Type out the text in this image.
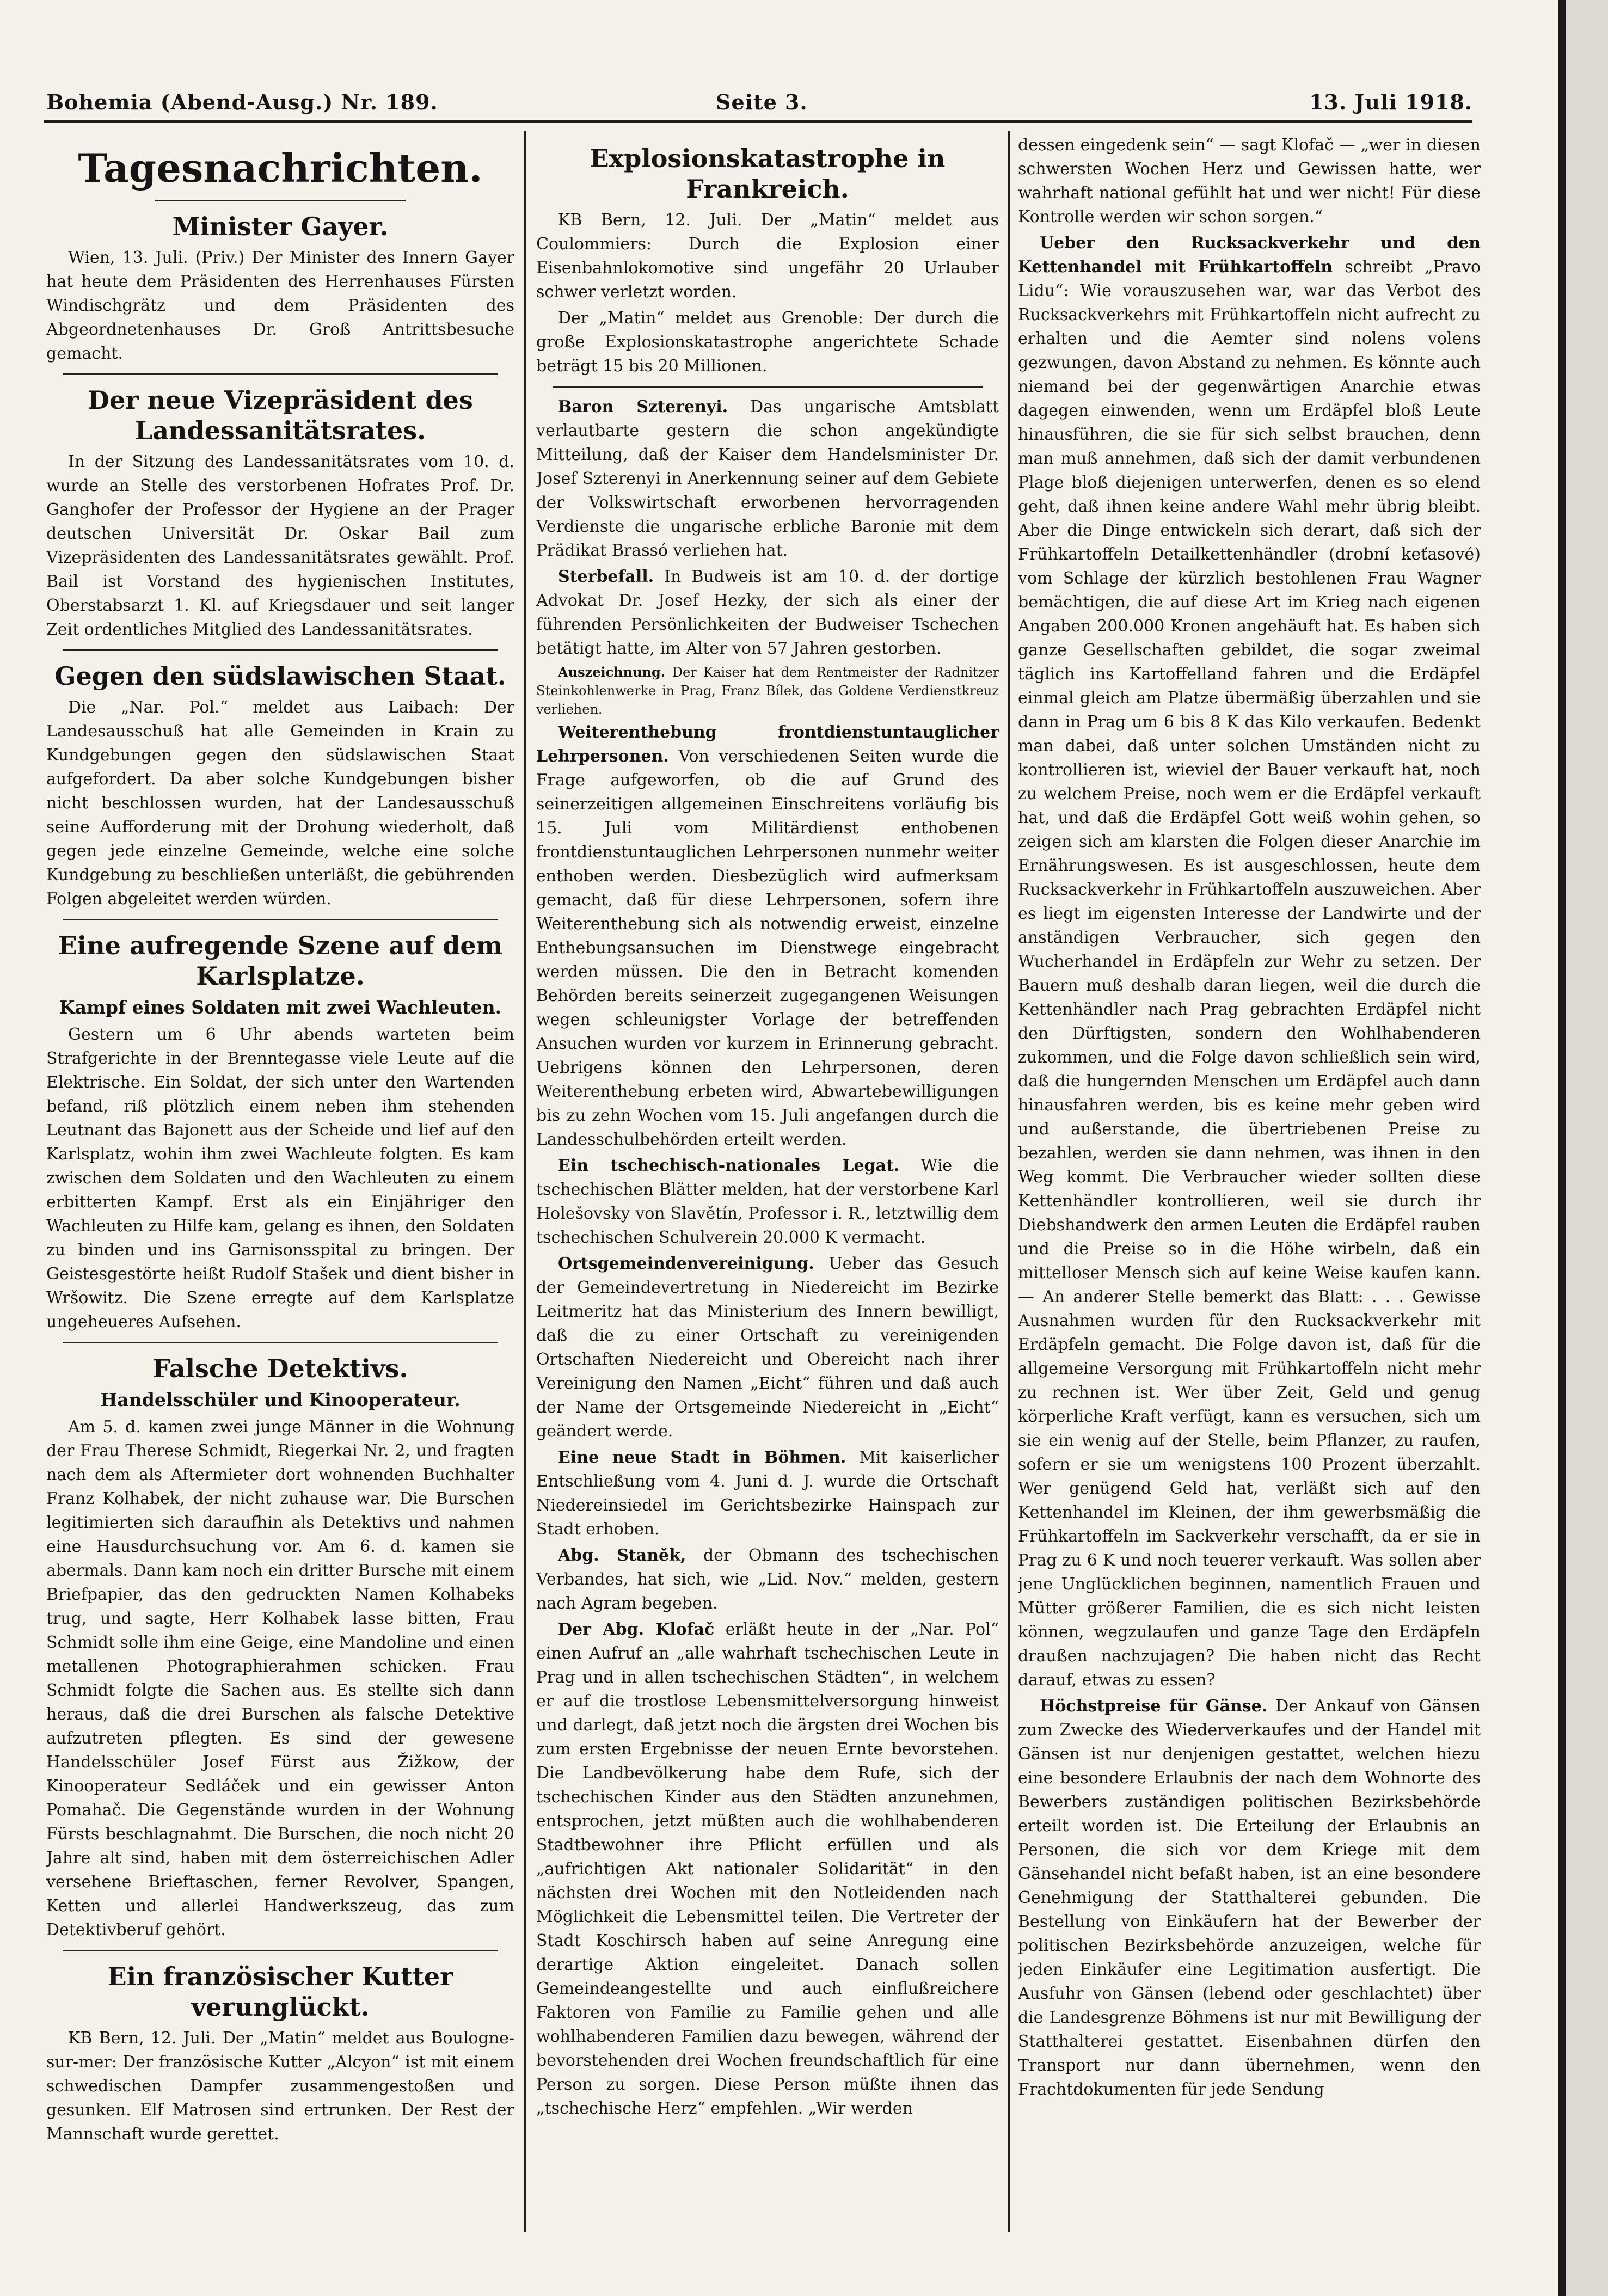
Bohemia (Abend-Ausg.) Nr. 189.	Seite 3.	13. Juli 1918.
Tagesnachrichten.
Minister Gayer.

Wien, 13. Juli. (Priv.) Der Minister des Innern Gayer hat heute dem Präsidenten des Herrenhauses Fürsten Windischgrätz und dem Präsidenten des Abgeordnetenhauses Dr. Groß Antrittsbesuche gemacht.

Der neue Vizepräsident des Landessanitätsrates.

In der Sitzung des Landessanitätsrates vom 10. d. wurde an Stelle des verstorbenen Hofrates Prof. Dr. Ganghofer der Professor der Hygiene an der Prager deutschen Universität Dr. Oskar Bail zum Vizepräsidenten des Landessanitätsrates gewählt. Prof. Bail ist Vorstand des hygienischen Institutes, Oberstabsarzt 1. Kl. auf Kriegsdauer und seit langer Zeit ordentliches Mitglied des Landessanitätsrates.

Gegen den südslawischen Staat.

Die „Nar. Pol.“ meldet aus Laibach: Der Landesausschuß hat alle Gemeinden in Krain zu Kundgebungen gegen den südslawischen Staat aufgefordert. Da aber solche Kundgebungen bisher nicht beschlossen wurden, hat der Landesausschuß seine Aufforderung mit der Drohung wiederholt, daß gegen jede einzelne Gemeinde, welche eine solche Kundgebung zu beschließen unterläßt, die gebührenden Folgen abgeleitet werden würden.

Eine aufregende Szene auf dem Karlsplatze.
Kampf eines Soldaten mit zwei Wachleuten.

Gestern um 6 Uhr abends warteten beim Strafgerichte in der Brenntegasse viele Leute auf die Elektrische. Ein Soldat, der sich unter den Wartenden befand, riß plötzlich einem neben ihm stehenden Leutnant das Bajonett aus der Scheide und lief auf den Karlsplatz, wohin ihm zwei Wachleute folgten. Es kam zwischen dem Soldaten und den Wachleuten zu einem erbitterten Kampf. Erst als ein Einjähriger den Wachleuten zu Hilfe kam, gelang es ihnen, den Soldaten zu binden und ins Garnisonsspital zu bringen. Der Geistesgestörte heißt Rudolf Stašek und dient bisher in Wršowitz. Die Szene erregte auf dem Karlsplatze ungeheueres Aufsehen.

Falsche Detektivs.
Handelsschüler und Kinooperateur.

Am 5. d. kamen zwei junge Männer in die Wohnung der Frau Therese Schmidt, Riegerkai Nr. 2, und fragten nach dem als Aftermieter dort wohnenden Buchhalter Franz Kolhabek, der nicht zuhause war. Die Burschen legitimierten sich daraufhin als Detektivs und nahmen eine Hausdurchsuchung vor. Am 6. d. kamen sie abermals. Dann kam noch ein dritter Bursche mit einem Briefpapier, das den gedruckten Namen Kolhabeks trug, und sagte, Herr Kolhabek lasse bitten, Frau Schmidt solle ihm eine Geige, eine Mandoline und einen metallenen Photographierahmen schicken. Frau Schmidt folgte die Sachen aus. Es stellte sich dann heraus, daß die drei Burschen als falsche Detektive aufzutreten pflegten. Es sind der gewesene Handelsschüler Josef Fürst aus Žižkow, der Kinooperateur Sedláček und ein gewisser Anton Pomahač. Die Gegenstände wurden in der Wohnung Fürsts beschlagnahmt. Die Burschen, die noch nicht 20 Jahre alt sind, haben mit dem österreichischen Adler versehene Brieftaschen, ferner Revolver, Spangen, Ketten und allerlei Handwerkszeug, das zum Detektivberuf gehört.

Ein französischer Kutter verunglückt.

KB Bern, 12. Juli. Der „Matin“ meldet aus Boulogne-sur-mer: Der französische Kutter „Alcyon“ ist mit einem schwedischen Dampfer zusammengestoßen und gesunken. Elf Matrosen sind ertrunken. Der Rest der Mannschaft wurde gerettet.

Explosionskatastrophe in Frankreich.

KB Bern, 12. Juli. Der „Matin“ meldet aus Coulommiers: Durch die Explosion einer Eisenbahnlokomotive sind ungefähr 20 Urlauber schwer verletzt worden.

Der „Matin“ meldet aus Grenoble: Der durch die große Explosionskatastrophe angerichtete Schade beträgt 15 bis 20 Millionen.

Baron Szterenyi. Das ungarische Amtsblatt verlautbarte gestern die schon angekündigte Mitteilung, daß der Kaiser dem Handelsminister Dr. Josef Szterenyi in Anerkennung seiner auf dem Gebiete der Volkswirtschaft erworbenen hervorragenden Verdienste die ungarische erbliche Baronie mit dem Prädikat Brassó verliehen hat.

Sterbefall. In Budweis ist am 10. d. der dortige Advokat Dr. Josef Hezky, der sich als einer der führenden Persönlichkeiten der Budweiser Tschechen betätigt hatte, im Alter von 57 Jahren gestorben.

Auszeichnung. Der Kaiser hat dem Rentmeister der Radnitzer Steinkohlenwerke in Prag, Franz Bílek, das Goldene Verdienstkreuz verliehen.

Weiterenthebung frontdienstuntauglicher Lehrpersonen. Von verschiedenen Seiten wurde die Frage aufgeworfen, ob die auf Grund des seinerzeitigen allgemeinen Einschreitens vorläufig bis 15. Juli vom Militärdienst enthobenen frontdienstuntauglichen Lehrpersonen nunmehr weiter enthoben werden. Diesbezüglich wird aufmerksam gemacht, daß für diese Lehrpersonen, sofern ihre Weiterenthebung sich als notwendig erweist, einzelne Enthebungsansuchen im Dienstwege eingebracht werden müssen. Die den in Betracht komenden Behörden bereits seinerzeit zugegangenen Weisungen wegen schleunigster Vorlage der betreffenden Ansuchen wurden vor kurzem in Erinnerung gebracht. Uebrigens können den Lehrpersonen, deren Weiterenthebung erbeten wird, Abwartebewilligungen bis zu zehn Wochen vom 15. Juli angefangen durch die Landesschulbehörden erteilt werden.

Ein tschechisch-nationales Legat. Wie die tschechischen Blätter melden, hat der verstorbene Karl Holešovsky von Slavětín, Professor i. R., letztwillig dem tschechischen Schulverein 20.000 K vermacht.

Ortsgemeindenvereinigung. Ueber das Gesuch der Gemeindevertretung in Niedereicht im Bezirke Leitmeritz hat das Ministerium des Innern bewilligt, daß die zu einer Ortschaft zu vereinigenden Ortschaften Niedereicht und Obereicht nach ihrer Vereinigung den Namen „Eicht“ führen und daß auch der Name der Ortsgemeinde Niedereicht in „Eicht“ geändert werde.

Eine neue Stadt in Böhmen. Mit kaiserlicher Entschließung vom 4. Juni d. J. wurde die Ortschaft Niedereinsiedel im Gerichtsbezirke Hainspach zur Stadt erhoben.

Abg. Staněk, der Obmann des tschechischen Verbandes, hat sich, wie „Lid. Nov.“ melden, gestern nach Agram begeben.

Der Abg. Klofač erläßt heute in der „Nar. Pol“ einen Aufruf an „alle wahrhaft tschechischen Leute in Prag und in allen tschechischen Städten“, in welchem er auf die trostlose Lebensmittelversorgung hinweist und darlegt, daß jetzt noch die ärgsten drei Wochen bis zum ersten Ergebnisse der neuen Ernte bevorstehen. Die Landbevölkerung habe dem Rufe, sich der tschechischen Kinder aus den Städten anzunehmen, entsprochen, jetzt müßten auch die wohlhabenderen Stadtbewohner ihre Pflicht erfüllen und als „aufrichtigen Akt nationaler Solidarität“ in den nächsten drei Wochen mit den Notleidenden nach Möglichkeit die Lebensmittel teilen. Die Vertreter der Stadt Koschirsch haben auf seine Anregung eine derartige Aktion eingeleitet. Danach sollen Gemeindeangestellte und auch einflußreichere Faktoren von Familie zu Familie gehen und alle wohlhabenderen Familien dazu bewegen, während der bevorstehenden drei Wochen freundschaftlich für eine Person zu sorgen. Diese Person müßte ihnen das „tschechische Herz“ empfehlen. „Wir werden

dessen eingedenk sein“ — sagt Klofač — „wer in diesen schwersten Wochen Herz und Gewissen hatte, wer wahrhaft national gefühlt hat und wer nicht! Für diese Kontrolle werden wir schon sorgen.“

Ueber den Rucksackverkehr und den Kettenhandel mit Frühkartoffeln schreibt „Pravo Lidu“: Wie vorauszusehen war, war das Verbot des Rucksackverkehrs mit Frühkartoffeln nicht aufrecht zu erhalten und die Aemter sind nolens volens gezwungen, davon Abstand zu nehmen. Es könnte auch niemand bei der gegenwärtigen Anarchie etwas dagegen einwenden, wenn um Erdäpfel bloß Leute hinausführen, die sie für sich selbst brauchen, denn man muß annehmen, daß sich der damit verbundenen Plage bloß diejenigen unterwerfen, denen es so elend geht, daß ihnen keine andere Wahl mehr übrig bleibt. Aber die Dinge entwickeln sich derart, daß sich der Frühkartoffeln Detailkettenhändler (drobní keťasové) vom Schlage der kürzlich bestohlenen Frau Wagner bemächtigen, die auf diese Art im Krieg nach eigenen Angaben 200.000 Kronen angehäuft hat. Es haben sich ganze Gesellschaften gebildet, die sogar zweimal täglich ins Kartoffelland fahren und die Erdäpfel einmal gleich am Platze übermäßig überzahlen und sie dann in Prag um 6 bis 8 K das Kilo verkaufen. Bedenkt man dabei, daß unter solchen Umständen nicht zu kontrollieren ist, wieviel der Bauer verkauft hat, noch zu welchem Preise, noch wem er die Erdäpfel verkauft hat, und daß die Erdäpfel Gott weiß wohin gehen, so zeigen sich am klarsten die Folgen dieser Anarchie im Ernährungswesen. Es ist ausgeschlossen, heute dem Rucksackverkehr in Frühkartoffeln auszuweichen. Aber es liegt im eigensten Interesse der Landwirte und der anständigen Verbraucher, sich gegen den Wucherhandel in Erdäpfeln zur Wehr zu setzen. Der Bauern muß deshalb daran liegen, weil die durch die Kettenhändler nach Prag gebrachten Erdäpfel nicht den Dürftigsten, sondern den Wohlhabenderen zukommen, und die Folge davon schließlich sein wird, daß die hungernden Menschen um Erdäpfel auch dann hinausfahren werden, bis es keine mehr geben wird und außerstande, die übertriebenen Preise zu bezahlen, werden sie dann nehmen, was ihnen in den Weg kommt. Die Verbraucher wieder sollten diese Kettenhändler kontrollieren, weil sie durch ihr Diebshandwerk den armen Leuten die Erdäpfel rauben und die Preise so in die Höhe wirbeln, daß ein mittelloser Mensch sich auf keine Weise kaufen kann. — An anderer Stelle bemerkt das Blatt: . . . Gewisse Ausnahmen wurden für den Rucksackverkehr mit Erdäpfeln gemacht. Die Folge davon ist, daß für die allgemeine Versorgung mit Frühkartoffeln nicht mehr zu rechnen ist. Wer über Zeit, Geld und genug körperliche Kraft verfügt, kann es versuchen, sich um sie ein wenig auf der Stelle, beim Pflanzer, zu raufen, sofern er sie um wenigstens 100 Prozent überzahlt. Wer genügend Geld hat, verläßt sich auf den Kettenhandel im Kleinen, der ihm gewerbsmäßig die Frühkartoffeln im Sackverkehr verschafft, da er sie in Prag zu 6 K und noch teuerer verkauft. Was sollen aber jene Unglücklichen beginnen, namentlich Frauen und Mütter größerer Familien, die es sich nicht leisten können, wegzulaufen und ganze Tage den Erdäpfeln draußen nachzujagen? Die haben nicht das Recht darauf, etwas zu essen?

Höchstpreise für Gänse. Der Ankauf von Gänsen zum Zwecke des Wiederverkaufes und der Handel mit Gänsen ist nur denjenigen gestattet, welchen hiezu eine besondere Erlaubnis der nach dem Wohnorte des Bewerbers zuständigen politischen Bezirksbehörde erteilt worden ist. Die Erteilung der Erlaubnis an Personen, die sich vor dem Kriege mit dem Gänsehandel nicht befaßt haben, ist an eine besondere Genehmigung der Statthalterei gebunden. Die Bestellung von Einkäufern hat der Bewerber der politischen Bezirksbehörde anzuzeigen, welche für jeden Einkäufer eine Legitimation ausfertigt. Die Ausfuhr von Gänsen (lebend oder geschlachtet) über die Landesgrenze Böhmens ist nur mit Bewilligung der Statthalterei gestattet. Eisenbahnen dürfen den Transport nur dann übernehmen, wenn den Frachtdokumenten für jede Sendung
